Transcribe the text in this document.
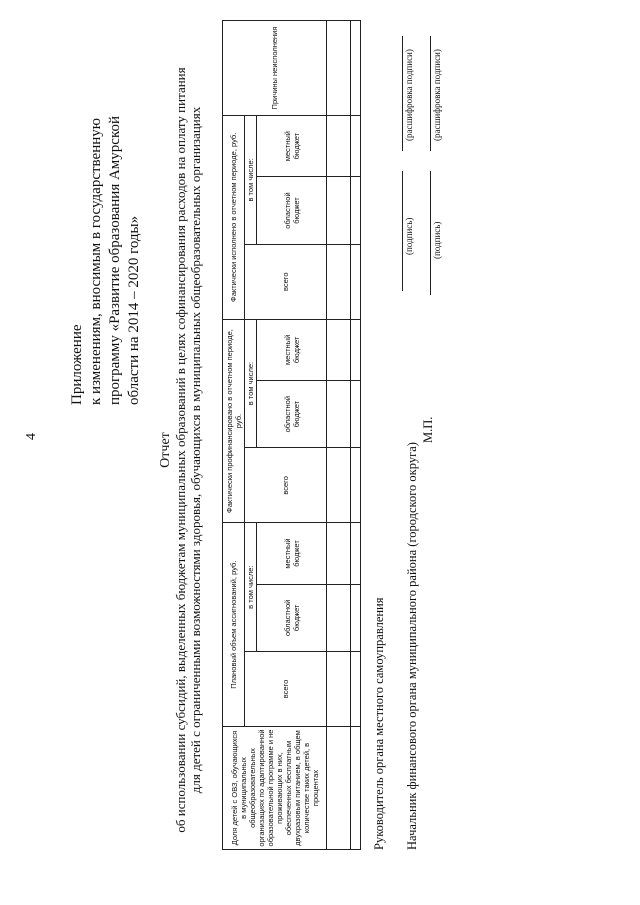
4
Приложение к изменениям, вносимым в государственную программу «Развитие образования Амурской области на 2014 – 2020 годы»
Отчет об использовании субсидий, выделенных бюджетам муниципальных образований в целях софинансирования расходов на оплату питания для детей с ограниченными возможностями здоровья, обучающихся в муниципальных общеобразовательных организациях	Доля детей с ОВЗ, обучающихся в муниципальных общеобразовательных организациях по адаптированной образовательной программе и не проживающих в них, обеспеченных бесплатным двухразовым питанием, в общем количестве таких детей, в процентах	Плановый объем ассигнований, руб.			Фактически профинансировано в отчетном периоде, руб.			Фактически исполнено в отчетном периоде, руб.			Причины неисполнения
	всего	в том числе:		всего	в том числе:		всего	в том числе:		
		областной бюджет	местный бюджет		областной бюджет	местный бюджет		областной бюджет	местный бюджет	

Руководитель органа местного самоуправления
(подпись)
(расшифровка подписи)
Начальник финансового органа муниципального района (городского округа)
М.П.
(подпись)
(расшифровка подписи)
